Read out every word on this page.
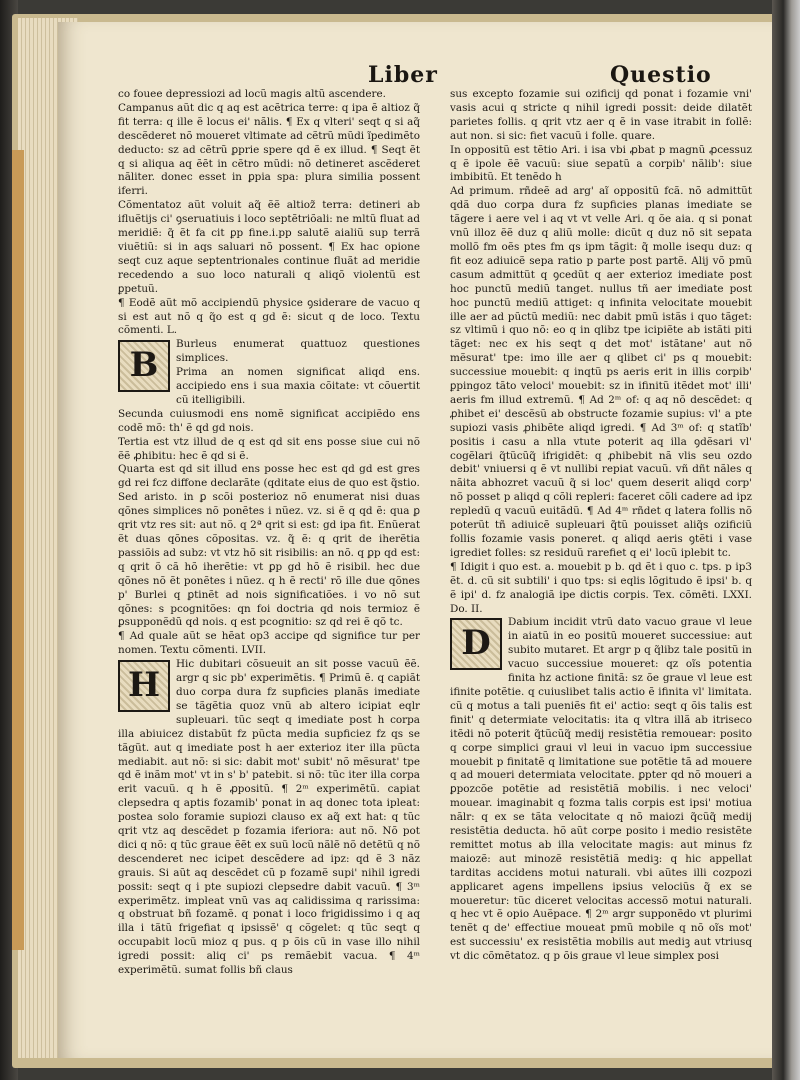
Liber	Questio

co fouee depressiozi ad locũ magis altũ ascendere.

Campanus aũt dic q aq est acẽtrica terre: q ipa ẽ altioz q̃ fit terra: q ille ẽ locus ei' nãlis. ¶ Ex q vlteri' seqt q si aq̃ descẽderet nõ moueret vltimate ad cẽtrũ mũdi ĩpedimẽto deducto: sz ad cẽtrũ ꝑprie spere qd ẽ ex illud. ¶ Seqt ẽt q si aliqua aq ẽẽt in cẽtro mũdi: nõ detineret ascẽderet nãliter. donec esset in ꝑpia spa: plura similia possent iferri.

Cõmentatoz aũt voluit aq̃ ẽẽ altioz̃ terra: detineri ab ifluẽtijs ci' ꝯseruatiuis i loco septẽtriõali: ne mltũ fluat ad meridiẽ: q̃ ẽt fa cit ꝑp fine.i.pp salutẽ aialiũ sup terrã viuẽtiũ: si in aqs saluari nõ possent. ¶ Ex hac opione seqt cuz aque septentrionales continue fluãt ad meridie recedendo a suo loco naturali q aliqõ violentũ est ꝑpetuũ.

¶ Eodẽ aũt mõ accipiendũ physice ꝯsiderare de vacuo q si est aut nõ q q̃o est q gd ẽ: sicut q de loco. Textu cõmenti. L.

B

Burleus enumerat quattuoz questiones simplices.

Prima an nomen significat aliqd ens. accipiedo ens i sua maxia cõitate: vt cõuertit cũ itelligibili.

Secunda cuiusmodi ens nomẽ significat accipiẽdo ens codẽ mõ: th' ẽ qd gd nois.

Tertia est vtz illud de q est qd sit ens posse siue cui nõ ẽẽ ꝓhibitu: hec ẽ qd si ẽ.

Quarta est qd sit illud ens posse hec est qd gd est gres gd rei fcz diffone declarãte (qditate eius de quo est q̃stio.

Sed aristo. in ꝑ scõi posterioz nõ enumerat nisi duas qõnes simplices nõ ponẽtes i nũez. vz. si ẽ q qd ẽ: qua ꝑ qrit vtz res sit: aut nõ. q 2ª qrit si est: gd ipa fit. Enũerat ẽt duas qõnes cõpositas. vz. q̃ ẽ: q qrit de iherẽtia passiõis ad subz: vt vtz hõ sit risibilis: an nõ. q ꝑp qd est: q qrit õ cã hõ iherẽtie: vt ꝑp gd hõ ẽ risibil. hec due qõnes nõ ẽt ponẽtes i nũez. q h ẽ recti' rõ ille due qõnes p' Burlei q ꝑtinẽt ad nois significatiões. i vo nõ sut qõnes: s pcognitões: qn foi doctria qd nois termioz ẽ ꝑsupponẽdũ qd nois. q est pcognitio: sz qd rei ẽ qõ tc.

¶ Ad quale aũt se hẽat op3 accipe qd significe tur per nomen. Textu cõmenti. LVII.

H

Hic dubitari cõsueuit an sit posse vacuũ ẽẽ. argr q sic pb' experimẽtis. ¶ Primũ ẽ. q capiãt duo corpa dura fz supficies planãs imediate se tãgẽtia quoz vnũ ab altero icipiat eqlr supleuari. tũc seqt q imediate post h corpa illa abiuicez distabũt fz pũcta media supficiez fz qs se tãgũt. aut q imediate post h aer exterioz iter illa pũcta mediabit. aut nõ: si sic: dabit mot' subit' nõ mẽsurat' tpe qd ẽ inãm mot' vt in s' b' patebit. si nõ: tũc iter illa corpa erit vacuũ. q h ẽ ꝓpositũ. ¶ 2ᵐ experimẽtũ. capiat clepsedra q aptis fozamib' ponat in aq donec tota ipleat: postea solo foramie supiozi clauso ex aq̃ ext hat: q tũc qrit vtz aq descẽdet p fozamia iferiora: aut nõ. Nõ pot dici q nõ: q tũc graue ẽẽt ex suũ locũ nãlẽ nõ detẽtũ q nõ descenderet nec icipet descẽdere ad ipz: qd ẽ 3 nãz grauis. Si aũt aq descẽdet cũ p fozamẽ supi' nihil igredi possit: seqt q i pte supiozi clepsedre dabit vacuũ. ¶ 3ᵐ experimẽtz. impleat vnũ vas aq calidissima q rarissima: q obstruat bñ fozamẽ. q ponat i loco frigidissimo i q aq illa i tãtũ frigefiat q ipsissẽ' q cõgelet: q tũc seqt q occupabit locũ mioz q pus. q p õis cũ in vase illo nihil igredi possit: aliq ci' ps remãebit vacua. ¶ 4ᵐ experimẽtũ. sumat follis bñ claus

sus excepto fozamie sui ozificij qd ponat i fozamie vni' vasis acui q stricte q nihil igredi possit: deide dilatẽt parietes follis. q qrit vtz aer q ẽ in vase itrabit in follẽ: aut non. si sic: fiet vacuũ i folle. quare.

In oppositũ est tẽtio Ari. i isa vbi ꝓbat p magnũ ꝓcessuz q ẽ ipole ẽẽ vacuũ: siue sepatũ a corpib' nãlib': siue imbibitũ. Et tenẽdo h

Ad primum. rñdeẽ ad arg' aĩ oppositũ fcã. nõ admittũt qdã duo corpa dura fz supficies planas imediate se tãgere i aere vel i aq vt vt velle Ari. q õe aia. q si ponat vnũ illoz ẽẽ duz q aliũ molle: dicũt q duz nõ sit sepata mollõ fm oẽs ptes fm qs ipm tãgit: q̃ molle isequ duz: q fit eoz adiuicẽ sepa ratio p parte post partẽ. Alij võ pmũ casum admittũt q ꝯcedũt q aer exterioz imediate post hoc punctũ mediũ tanget. nullus tñ aer imediate post hoc punctũ mediũ attiget: q infinita velocitate mouebit ille aer ad pũctũ mediũ: nec dabit pmũ istãs i quo tãget: sz vltimũ i quo nõ: eo q in qlibz tpe icipiẽte ab istãti piti tãget: nec ex his seqt q det mot' istãtane' aut nõ mẽsurat' tpe: imo ille aer q qlibet ci' ps q mouebit: successiue mouebit: q inqtũ ps aeris erit in illis corpib' ꝑpingoz tãto veloci' mouebit: sz in ifinitũ itẽdet mot' illi' aeris fm illud extremũ. ¶ Ad 2ᵐ of: q aq nõ descẽdet: q ꝓhibet ei' descẽsũ ab obstructe fozamie supius: vl' a pte supiozi vasis ꝓhibẽte aliqd igredi. ¶ Ad 3ᵐ of: q statĩb' positis i casu a nlla vtute poterit aq illa ꝯdẽsari vl' cogẽlari q̃tũcũq̃ ifrigidẽt: q ꝓhibebit nã vlis seu ozdo debit' vniuersi q ẽ vt nullibi repiat vacuũ. vñ dñt nãles q nãita abhozret vacuũ q̃ si loc' quem deserit aliqd corp' nõ posset p aliqd q cõli repleri: faceret cõli cadere ad ipz repledũ q vacuũ euitãdũ. ¶ Ad 4ᵐ rñdet q latera follis nõ poterũt tñ adiuicẽ supleuari q̃tũ pouisset aliq̃s ozificiũ follis fozamie vasis poneret. q aliqd aeris ꝯtẽti i vase igrediet folles: sz residuũ rarefiet q ei' locũ iplebit tc.

¶ Idigit i quo est. a. mouebit p b. qd ẽt i quo c. tps. p ip3 ẽt. d. cũ sit subtili' i quo tps: si eqlis lõgitudo ẽ ipsi' b. q ẽ ipi' d. fz analogiã ipe dictis corpis. Tex. cõmẽti. LXXI. Do. II.

D

Dabium incidit vtrũ dato vacuo graue vl leue in aiatũ in eo positũ moueret successiue: aut subito mutaret. Et argr p q q̃libz tale positũ in vacuo successiue moueret: qz oĩs potentia finita hz actione finitã: sz õe graue vl leue est ifinite potẽtie. q cuiuslibet talis actio ẽ ifinita vl' limitata. cũ q motus a tali pueniẽs fit ei' actio: seqt q õis talis est finit' q determiate velocitatis: ita q vltra illã ab itriseco itẽdi nõ poterit q̃tũcũq̃ medij resistẽtia remouear: posito q corpe simplici graui vl leui in vacuo ipm successiue mouebit p finitatẽ q limitatione sue potẽtie tã ad mouere q ad moueri determiata velocitate. ꝑpter qd nõ moueri a ꝑpozcõe potẽtie ad resistẽtiã mobilis. i nec veloci' mouear. imaginabit q fozma talis corpis est ipsi' motiua nãlr: q ex se tãta velocitate q nõ maiozi q̃cũq̃ medij resistẽtia deducta. hõ aũt corpe posito i medio resistẽte remittet motus ab illa velocitate magis: aut minus fz maiozẽ: aut minozẽ resistẽtiã mediꝫ: q hic appellat tarditas accidens motui naturali. vbi aũtes illi cozpozi applicaret agens impellens ipsius velociũs q̃ ex se moueretur: tũc diceret velocitas accessõ motui naturali. q hec vt ẽ opio Auẽpace. ¶ 2ᵐ argr supponẽdo vt plurimi tenẽt q de' effectiue moueat pmũ mobile q nõ oĩs mot' est successiu' ex resistẽtia mobilis aut mediꝫ aut vtriusq vt dic cõmẽtatoz. q p õis graue vl leue simplex posi
